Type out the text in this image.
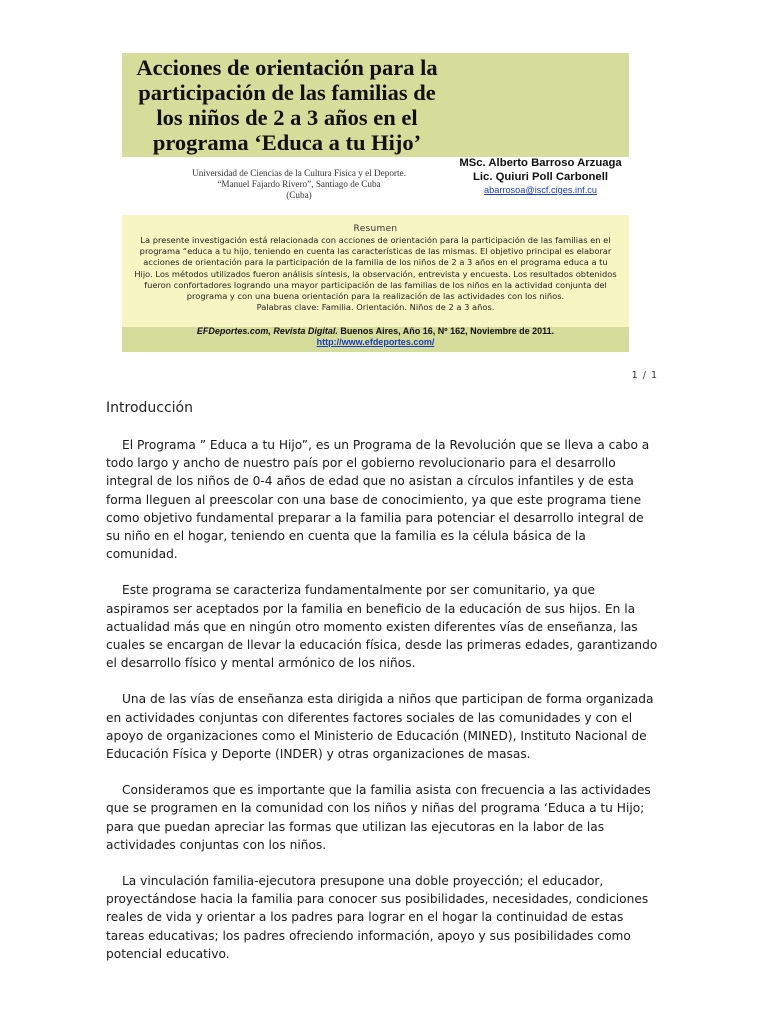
Acciones de orientación para la participación de las familias de los niños de 2 a 3 años en el programa ‘Educa a tu Hijo’
Universidad de Ciencias de la Cultura Física y el Deporte.
“Manuel Fajardo Rivero”, Santiago de Cuba
(Cuba)
MSc. Alberto Barroso Arzuaga
Lic. Quiuri Poll Carbonell
abarrosoa@iscf.ciges.inf.cu
Resumen

La presente investigación está relacionada con acciones de orientación para la participación de las familias en el programa “educa a tu hijo, teniendo en cuenta las características de las mismas. El objetivo principal es elaborar acciones de orientación para la participación de la familia de los niños de 2 a 3 años en el programa educa a tu Hijo. Los métodos utilizados fueron análisis síntesis, la observación, entrevista y encuesta. Los resultados obtenidos fueron confortadores logrando una mayor participación de las familias de los niños en la actividad conjunta del programa y con una buena orientación para la realización de las actividades con los niños.

Palabras clave: Familia. Orientación. Niños de 2 a 3 años.

EFDeportes.com, Revista Digital. Buenos Aires, Año 16, Nº 162, Noviembre de 2011. http://www.efdeportes.com/
1 / 1
Introducción

El Programa ” Educa a tu Hijo”, es un Programa de la Revolución que se lleva a cabo a todo largo y ancho de nuestro país por el gobierno revolucionario para el desarrollo integral de los niños de 0-4 años de edad que no asistan a círculos infantiles y de esta forma lleguen al preescolar con una base de conocimiento, ya que este programa tiene como objetivo fundamental preparar a la familia para potenciar el desarrollo integral de su niño en el hogar, teniendo en cuenta que la familia es la célula básica de la comunidad.

Este programa se caracteriza fundamentalmente por ser comunitario, ya que aspiramos ser aceptados por la familia en beneficio de la educación de sus hijos. En la actualidad más que en ningún otro momento existen diferentes vías de enseñanza, las cuales se encargan de llevar la educación física, desde las primeras edades, garantizando el desarrollo físico y mental armónico de los niños.

Una de las vías de enseñanza esta dirigida a niños que participan de forma organizada en actividades conjuntas con diferentes factores sociales de las comunidades y con el apoyo de organizaciones como el Ministerio de Educación (MINED), Instituto Nacional de Educación Física y Deporte (INDER) y otras organizaciones de masas.

Consideramos que es importante que la familia asista con frecuencia a las actividades que se programen en la comunidad con los niños y niñas del programa ‘Educa a tu Hijo; para que puedan apreciar las formas que utilizan las ejecutoras en la labor de las actividades conjuntas con los niños.

La vinculación familia-ejecutora presupone una doble proyección; el educador, proyectándose hacia la familia para conocer sus posibilidades, necesidades, condiciones reales de vida y orientar a los padres para lograr en el hogar la continuidad de estas tareas educativas; los padres ofreciendo información, apoyo y sus posibilidades como potencial educativo.
